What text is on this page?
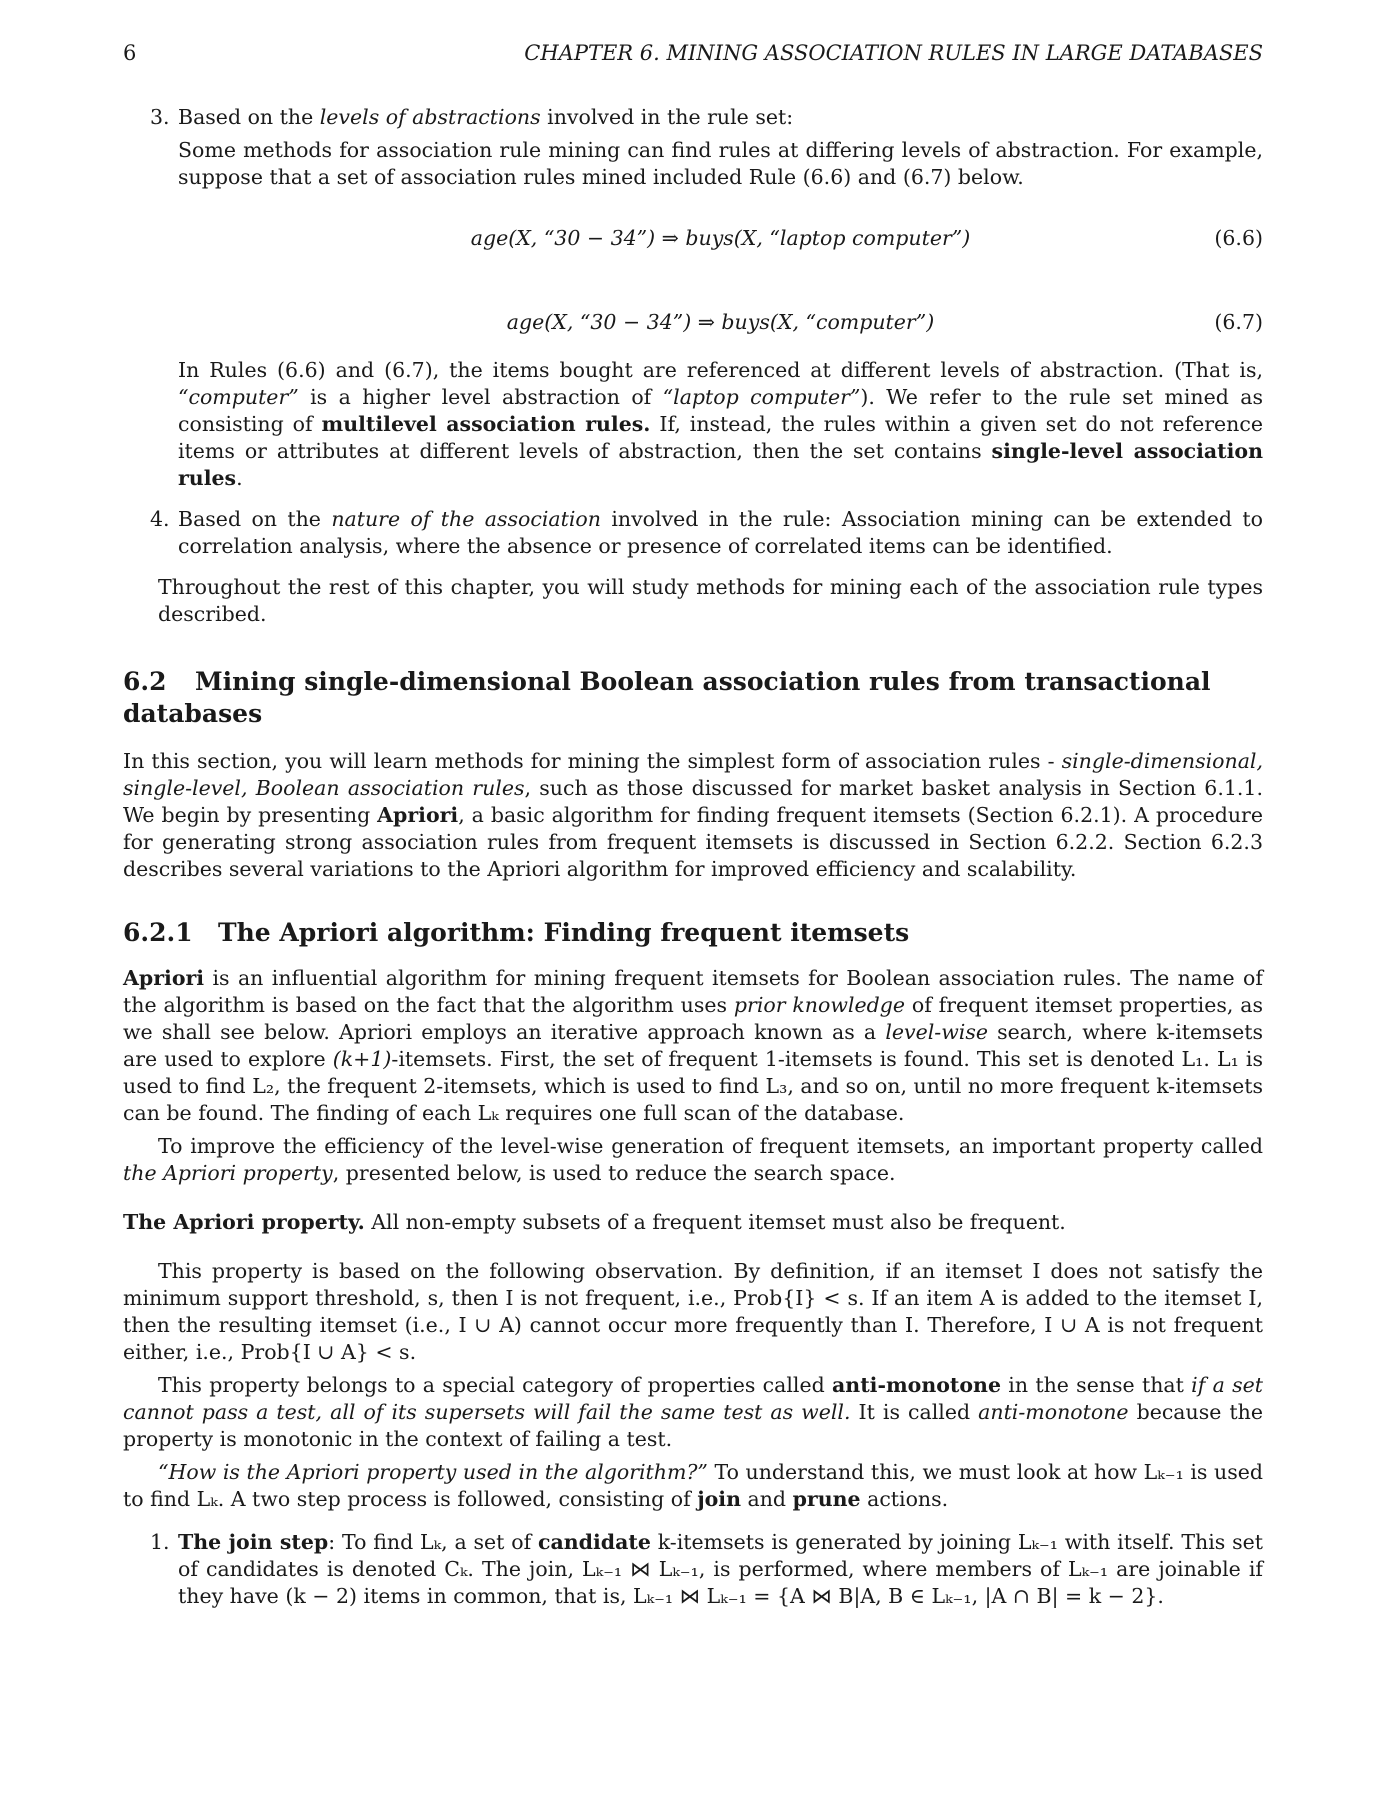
6	CHAPTER 6. MINING ASSOCIATION RULES IN LARGE DATABASES
3. Based on the levels of abstractions involved in the rule set:

Some methods for association rule mining can find rules at differing levels of abstraction. For example, suppose that a set of association rules mined included Rule (6.6) and (6.7) below.

age(X, “30 − 34”) ⇒ buys(X, “laptop computer”)	(6.6)
age(X, “30 − 34”) ⇒ buys(X, “computer”)	(6.7)

In Rules (6.6) and (6.7), the items bought are referenced at different levels of abstraction. (That is, “computer” is a higher level abstraction of “laptop computer”). We refer to the rule set mined as consisting of multilevel association rules. If, instead, the rules within a given set do not reference items or attributes at different levels of abstraction, then the set contains single-level association rules.

4. Based on the nature of the association involved in the rule: Association mining can be extended to correlation analysis, where the absence or presence of correlated items can be identified.

Throughout the rest of this chapter, you will study methods for mining each of the association rule types described.

6.2 Mining single-dimensional Boolean association rules from transactional databases

In this section, you will learn methods for mining the simplest form of association rules - single-dimensional, single-level, Boolean association rules, such as those discussed for market basket analysis in Section 6.1.1. We begin by presenting Apriori, a basic algorithm for finding frequent itemsets (Section 6.2.1). A procedure for generating strong association rules from frequent itemsets is discussed in Section 6.2.2. Section 6.2.3 describes several variations to the Apriori algorithm for improved efficiency and scalability.

6.2.1 The Apriori algorithm: Finding frequent itemsets

Apriori is an influential algorithm for mining frequent itemsets for Boolean association rules. The name of the algorithm is based on the fact that the algorithm uses prior knowledge of frequent itemset properties, as we shall see below. Apriori employs an iterative approach known as a level-wise search, where k-itemsets are used to explore (k+1)-itemsets. First, the set of frequent 1-itemsets is found. This set is denoted L₁. L₁ is used to find L₂, the frequent 2-itemsets, which is used to find L₃, and so on, until no more frequent k-itemsets can be found. The finding of each Lₖ requires one full scan of the database.

To improve the efficiency of the level-wise generation of frequent itemsets, an important property called the Apriori property, presented below, is used to reduce the search space.

The Apriori property. All non-empty subsets of a frequent itemset must also be frequent.

This property is based on the following observation. By definition, if an itemset I does not satisfy the minimum support threshold, s, then I is not frequent, i.e., Prob{I} < s. If an item A is added to the itemset I, then the resulting itemset (i.e., I ∪ A) cannot occur more frequently than I. Therefore, I ∪ A is not frequent either, i.e., Prob{I ∪ A} < s.

This property belongs to a special category of properties called anti-monotone in the sense that if a set cannot pass a test, all of its supersets will fail the same test as well. It is called anti-monotone because the property is monotonic in the context of failing a test.

“How is the Apriori property used in the algorithm?” To understand this, we must look at how Lₖ₋₁ is used to find Lₖ. A two step process is followed, consisting of join and prune actions.

1. The join step: To find Lₖ, a set of candidate k-itemsets is generated by joining Lₖ₋₁ with itself. This set of candidates is denoted Cₖ. The join, Lₖ₋₁ ⋈ Lₖ₋₁, is performed, where members of Lₖ₋₁ are joinable if they have (k − 2) items in common, that is, Lₖ₋₁ ⋈ Lₖ₋₁ = {A ⋈ B|A, B ∈ Lₖ₋₁, |A ∩ B| = k − 2}.
